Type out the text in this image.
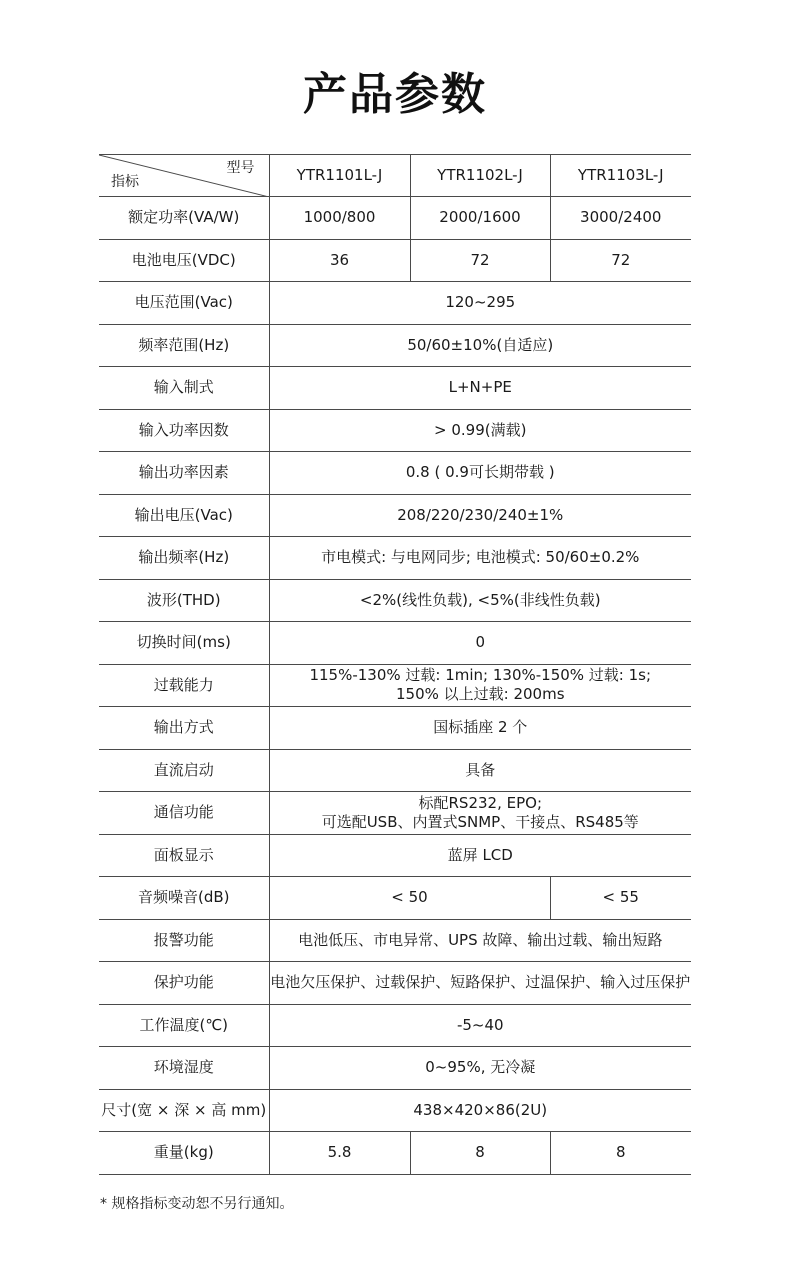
产品参数
型号
指标	YTR1101L-J	YTR1102L-J	YTR1103L-J
额定功率(VA/W)	1000/800	2000/1600	3000/2400
电池电压(VDC)	36	72	72
电压范围(Vac)	120~295		
频率范围(Hz)	50/60±10%(自适应)		
输入制式	L+N+PE		
输入功率因数	> 0.99(满载)		
输出功率因素	0.8 ( 0.9可长期带载 )		
输出电压(Vac)	208/220/230/240±1%		
输出频率(Hz)	市电模式: 与电网同步; 电池模式: 50/60±0.2%		
波形(THD)	<2%(线性负载), <5%(非线性负载)		
切换时间(ms)	0		
过载能力	115%-130% 过载: 1min; 130%-150% 过载: 1s;
150% 以上过载: 200ms		

输出方式	国标插座 2 个		
直流启动	具备		
通信功能	标配RS232, EPO;
可选配USB、内置式SNMP、干接点、RS485等		

面板显示	蓝屏 LCD		
音频噪音(dB)	< 50		< 55
报警功能	电池低压、市电异常、UPS 故障、输出过载、输出短路		
保护功能	电池欠压保护、过载保护、短路保护、过温保护、输入过压保护		
工作温度(℃)	-5~40		
环境湿度	0~95%, 无冷凝		
尺寸(宽 × 深 × 高 mm)	438×420×86(2U)		
重量(kg)	5.8	8	8
* 规格指标变动恕不另行通知。
